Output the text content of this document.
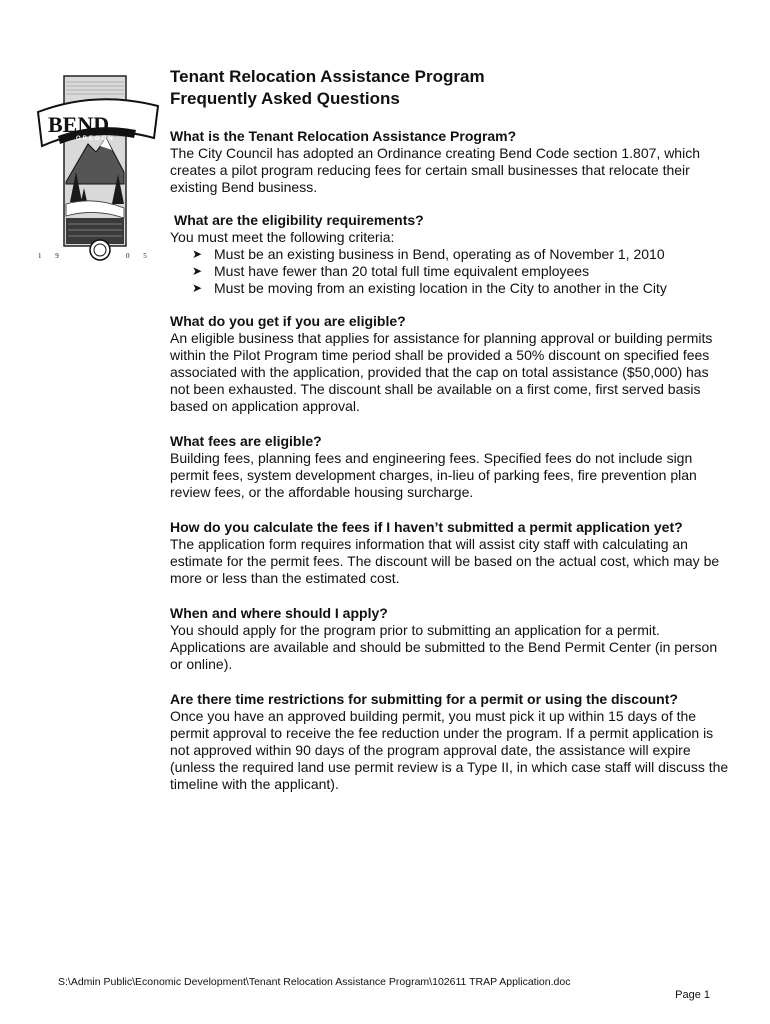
BEND
OREGON
1 9	0 5
Tenant Relocation Assistance Program
Frequently Asked Questions
What is the Tenant Relocation Assistance Program?
The City Council has adopted an Ordinance creating Bend Code section 1.807, which creates a pilot program reducing fees for certain small businesses that relocate their existing Bend business.
What are the eligibility requirements?
You must meet the following criteria:
➤ Must be an existing business in Bend, operating as of November 1, 2010
➤ Must have fewer than 20 total full time equivalent employees
➤ Must be moving from an existing location in the City to another in the City
What do you get if you are eligible?
An eligible business that applies for assistance for planning approval or building permits within the Pilot Program time period shall be provided a 50% discount on specified fees associated with the application, provided that the cap on total assistance ($50,000) has not been exhausted. The discount shall be available on a first come, first served basis based on application approval.
What fees are eligible?
Building fees, planning fees and engineering fees. Specified fees do not include sign permit fees, system development charges, in-lieu of parking fees, fire prevention plan review fees, or the affordable housing surcharge.
How do you calculate the fees if I haven’t submitted a permit application yet?
The application form requires information that will assist city staff with calculating an estimate for the permit fees. The discount will be based on the actual cost, which may be more or less than the estimated cost.
When and where should I apply?
You should apply for the program prior to submitting an application for a permit. Applications are available and should be submitted to the Bend Permit Center (in person or online).
Are there time restrictions for submitting for a permit or using the discount?
Once you have an approved building permit, you must pick it up within 15 days of the permit approval to receive the fee reduction under the program. If a permit application is not approved within 90 days of the program approval date, the assistance will expire (unless the required land use permit review is a Type II, in which case staff will discuss the timeline with the applicant).
S:\Admin Public\Economic Development\Tenant Relocation Assistance Program\102611 TRAP Application.doc
Page 1
